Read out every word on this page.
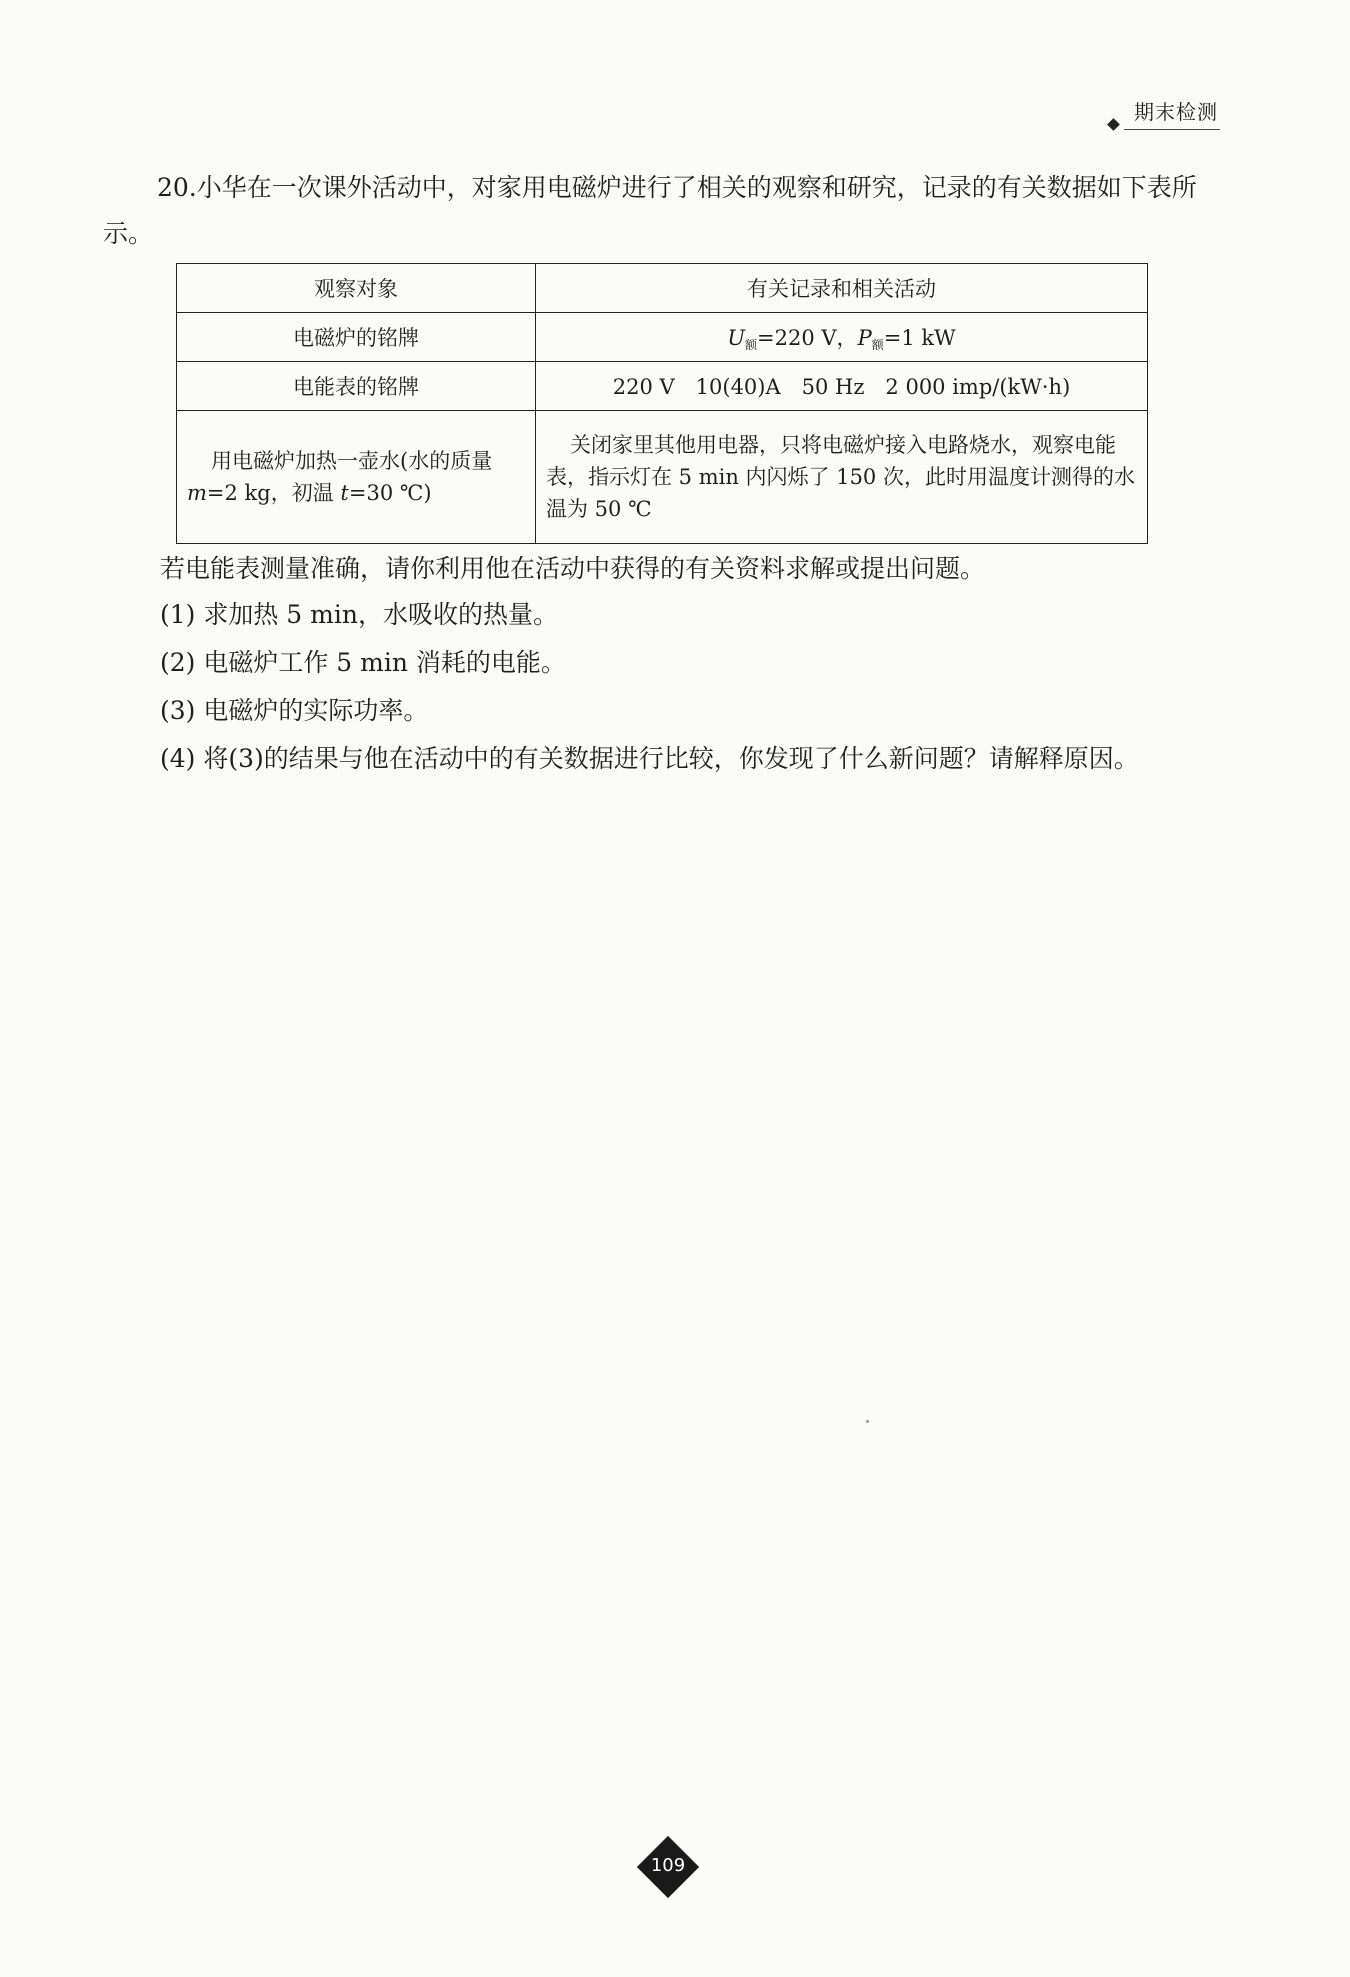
期末检测
20.小华在一次课外活动中，对家用电磁炉进行了相关的观察和研究，记录的有关数据如下表所示。
观察对象	有关记录和相关活动
电磁炉的铭牌	$U_额=220$ V，$P_额=1$ kW
电能表的铭牌	220 V　10(40)A　50 Hz　2 000 imp/(kW·h)
用电磁炉加热一壶水(水的质量 m=2 kg，初温 t=30 ℃)	关闭家里其他用电器，只将电磁炉接入电路烧水，观察电能表，指示灯在 5 min 内闪烁了 150 次，此时用温度计测得的水温为 50 ℃
若电能表测量准确，请你利用他在活动中获得的有关资料求解或提出问题。
(1) 求加热 5 min，水吸收的热量。
(2) 电磁炉工作 5 min 消耗的电能。
(3) 电磁炉的实际功率。
(4) 将(3)的结果与他在活动中的有关数据进行比较，你发现了什么新问题？请解释原因。
109
